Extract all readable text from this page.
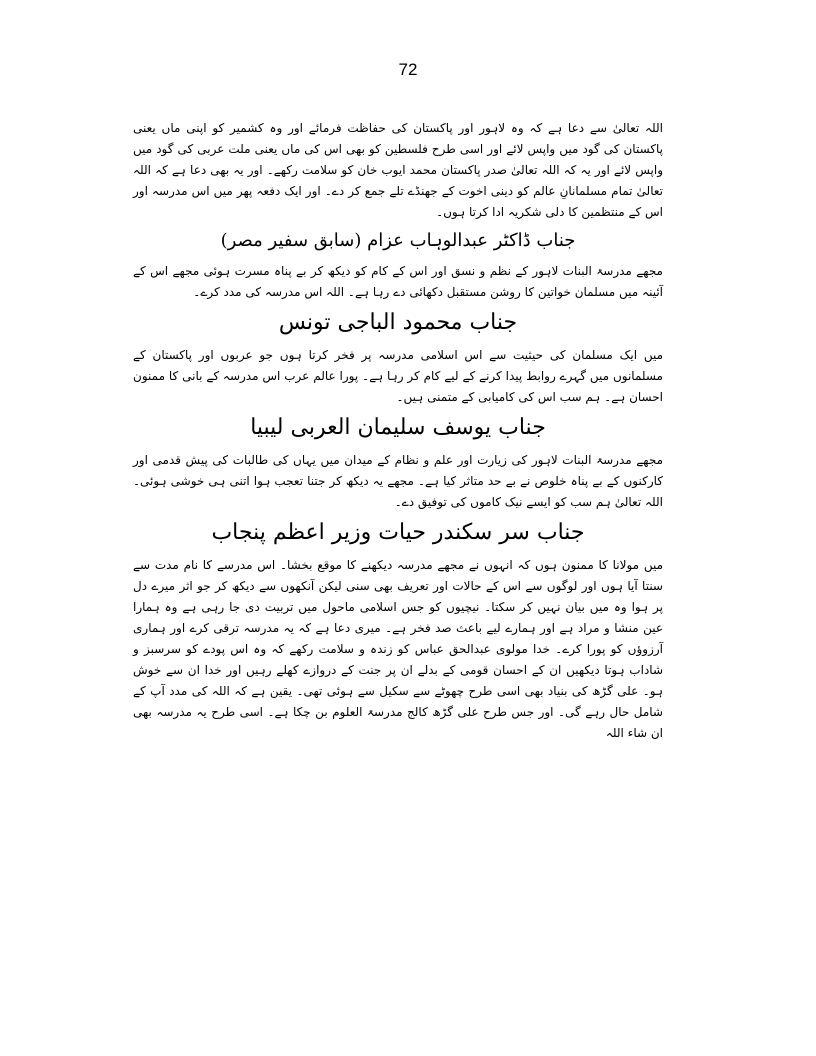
72

اللہ تعالیٰ سے دعا ہے کہ وہ لاہور اور پاکستان کی حفاظت فرمائے اور وہ کشمیر کو اپنی ماں یعنی پاکستان کی گود میں واپس لائے اور اسی طرح فلسطین کو بھی اس کی ماں یعنی ملت عربی کی گود میں واپس لائے اور یہ کہ اللہ تعالیٰ صدر پاکستان محمد ایوب خان کو سلامت رکھے۔ اور یہ بھی دعا ہے کہ اللہ تعالیٰ تمام مسلمانانِ عالم کو دینی اخوت کے جھنڈے تلے جمع کر دے۔ اور ایک دفعہ پھر میں اس مدرسہ اور اس کے منتظمین کا دلی شکریہ ادا کرتا ہوں۔

جناب ڈاکٹر عبدالوہاب عزام (سابق سفیر مصر)

مجھے مدرسۃ البنات لاہور کے نظم و نسق اور اس کے کام کو دیکھ کر بے پناہ مسرت ہوئی مجھے اس کے آئینہ میں مسلمان خواتین کا روشن مستقبل دکھائی دے رہا ہے۔ اللہ اس مدرسہ کی مدد کرے۔

جناب محمود الباجی تونس

میں ایک مسلمان کی حیثیت سے اس اسلامی مدرسہ پر فخر کرتا ہوں جو عربوں اور پاکستان کے مسلمانوں میں گہرے روابط پیدا کرنے کے لیے کام کر رہا ہے۔ پورا عالم عرب اس مدرسہ کے بانی کا ممنون احسان ہے۔ ہم سب اس کی کامیابی کے متمنی ہیں۔

جناب یوسف سلیمان العربی لیبیا

مجھے مدرسۃ البنات لاہور کی زیارت اور علم و نظام کے میدان میں یہاں کی طالبات کی پیش قدمی اور کارکنوں کے بے پناہ خلوص نے بے حد متاثر کیا ہے۔ مجھے یہ دیکھ کر جتنا تعجب ہوا اتنی ہی خوشی ہوئی۔ اللہ تعالیٰ ہم سب کو ایسے نیک کاموں کی توفیق دے۔

جناب سر سکندر حیات وزیر اعظم پنجاب

میں مولانا کا ممنون ہوں کہ انہوں نے مجھے مدرسہ دیکھنے کا موقع بخشا۔ اس مدرسے کا نام مدت سے سنتا آیا ہوں اور لوگوں سے اس کے حالات اور تعریف بھی سنی لیکن آنکھوں سے دیکھ کر جو اثر میرے دل پر ہوا وہ میں بیان نہیں کر سکتا۔ نیچیوں کو جس اسلامی ماحول میں تربیت دی جا رہی ہے وہ ہمارا عین منشا و مراد ہے اور ہمارے لیے باعث صد فخر ہے۔ میری دعا ہے کہ یہ مدرسہ ترقی کرے اور ہماری آرزوؤں کو پورا کرے۔ خدا مولوی عبدالحق عباس کو زندہ و سلامت رکھے کہ وہ اس پودے کو سرسبز و شاداب ہوتا دیکھیں ان کے احسان قومی کے بدلے ان پر جنت کے دروازے کھلے رہیں اور خدا ان سے خوش ہو۔ علی گڑھ کی بنیاد بھی اسی طرح چھوٹے سے سکیل سے ہوئی تھی۔ یقین ہے کہ اللہ کی مدد آپ کے شامل حال رہے گی۔ اور جس طرح علی گڑھ کالج مدرسۃ العلوم بن چکا ہے۔ اسی طرح یہ مدرسہ بھی ان شاء اللہ
